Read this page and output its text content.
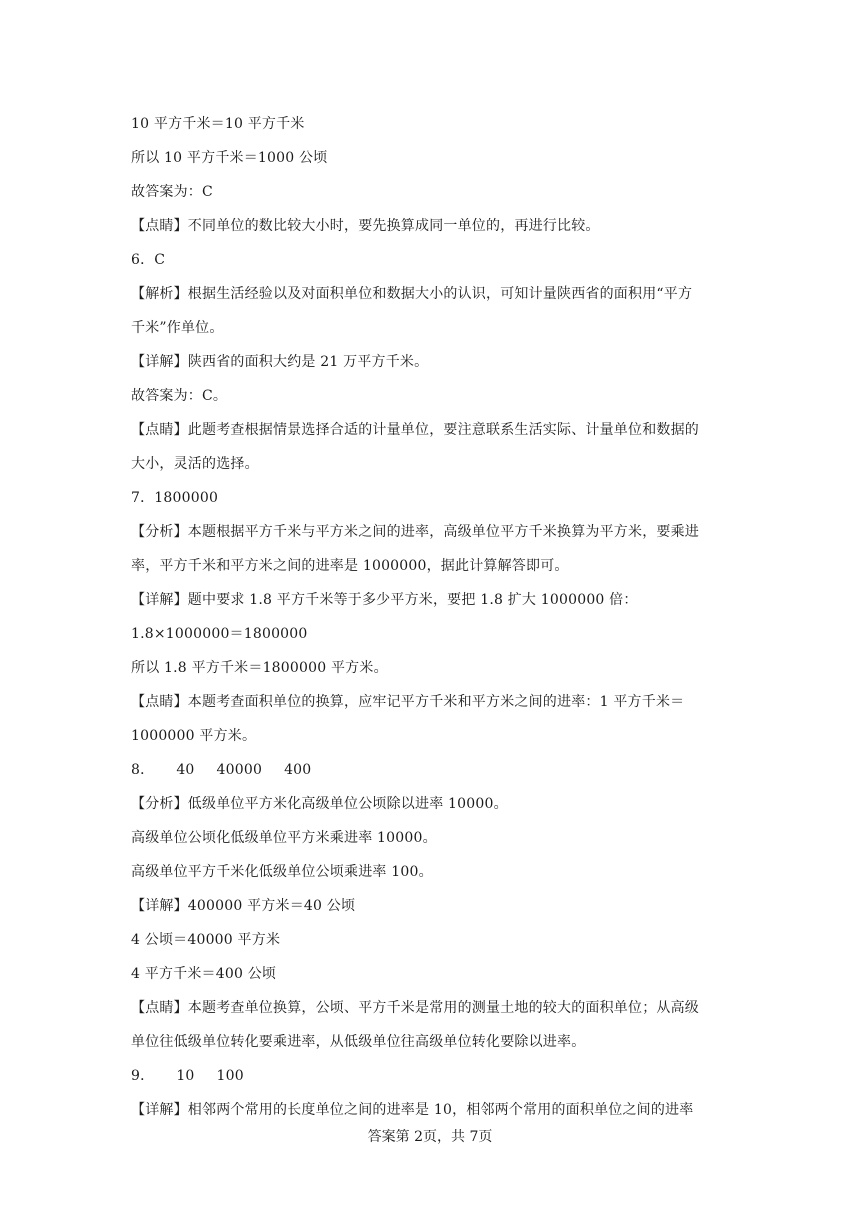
10 平方千米＝10 平方千米
所以 10 平方千米＝1000 公顷
故答案为：C
【点睛】不同单位的数比较大小时，要先换算成同一单位的，再进行比较。
6．C
【解析】根据生活经验以及对面积单位和数据大小的认识，可知计量陕西省的面积用“平方
千米”作单位。
【详解】陕西省的面积大约是 21 万平方千米。
故答案为：C。
【点睛】此题考查根据情景选择合适的计量单位，要注意联系生活实际、计量单位和数据的
大小，灵活的选择。
7．1800000
【分析】本题根据平方千米与平方米之间的进率，高级单位平方千米换算为平方米，要乘进
率，平方千米和平方米之间的进率是 1000000，据此计算解答即可。
【详解】题中要求 1.8 平方千米等于多少平方米，要把 1.8 扩大 1000000 倍：
1.8×1000000＝1800000
所以 1.8 平方千米＝1800000 平方米。
【点睛】本题考查面积单位的换算，应牢记平方千米和平方米之间的进率：1 平方千米＝
1000000 平方米。
8． 40 40000 400
【分析】低级单位平方米化高级单位公顷除以进率 10000。
高级单位公顷化低级单位平方米乘进率 10000。
高级单位平方千米化低级单位公顷乘进率 100。
【详解】400000 平方米＝40 公顷
4 公顷＝40000 平方米
4 平方千米＝400 公顷
【点睛】本题考查单位换算，公顷、平方千米是常用的测量土地的较大的面积单位；从高级
单位往低级单位转化要乘进率，从低级单位往高级单位转化要除以进率。
9． 10 100
【详解】相邻两个常用的长度单位之间的进率是 10，相邻两个常用的面积单位之间的进率
答案第 2页，共 7页
